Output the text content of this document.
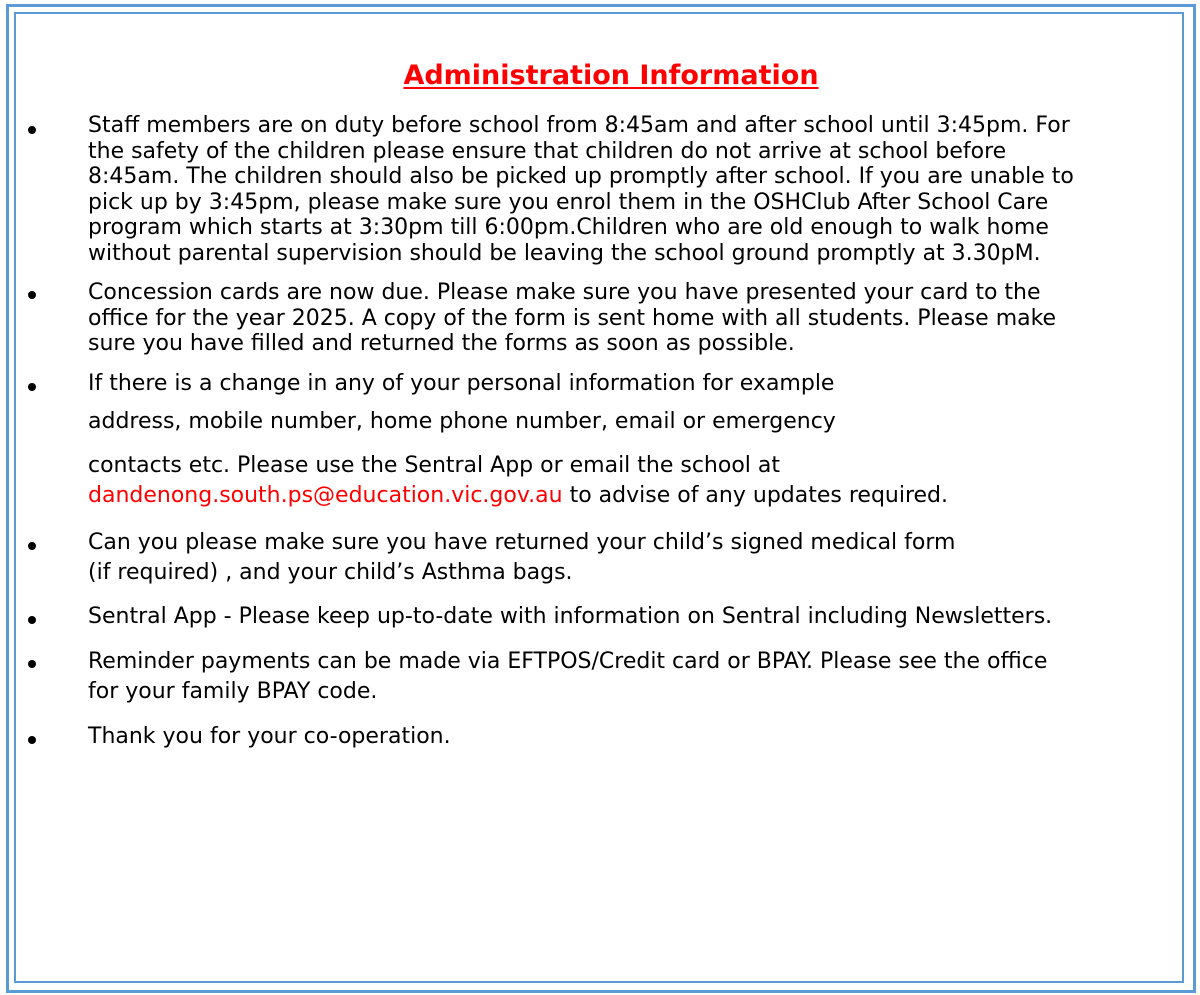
Administration Information
Staff members are on duty before school from 8:45am and after school until 3:45pm. For
the safety of the children please ensure that children do not arrive at school before
8:45am. The children should also be picked up promptly after school. If you are unable to
pick up by 3:45pm, please make sure you enrol them in the OSHClub After School Care
program which starts at 3:30pm till 6:00pm.Children who are old enough to walk home
without parental supervision should be leaving the school ground promptly at 3.30pM.
Concession cards are now due. Please make sure you have presented your card to the
office for the year 2025. A copy of the form is sent home with all students. Please make
sure you have filled and returned the forms as soon as possible.
If there is a change in any of your personal information for example
address, mobile number, home phone number, email or emergency
contacts etc. Please use the Sentral App or email the school at
dandenong.south.ps@education.vic.gov.au to advise of any updates required.
Can you please make sure you have returned your child’s signed medical form
(if required) , and your child’s Asthma bags.
Sentral App - Please keep up-to-date with information on Sentral including Newsletters.
Reminder payments can be made via EFTPOS/Credit card or BPAY. Please see the office
for your family BPAY code.
Thank you for your co-operation.
